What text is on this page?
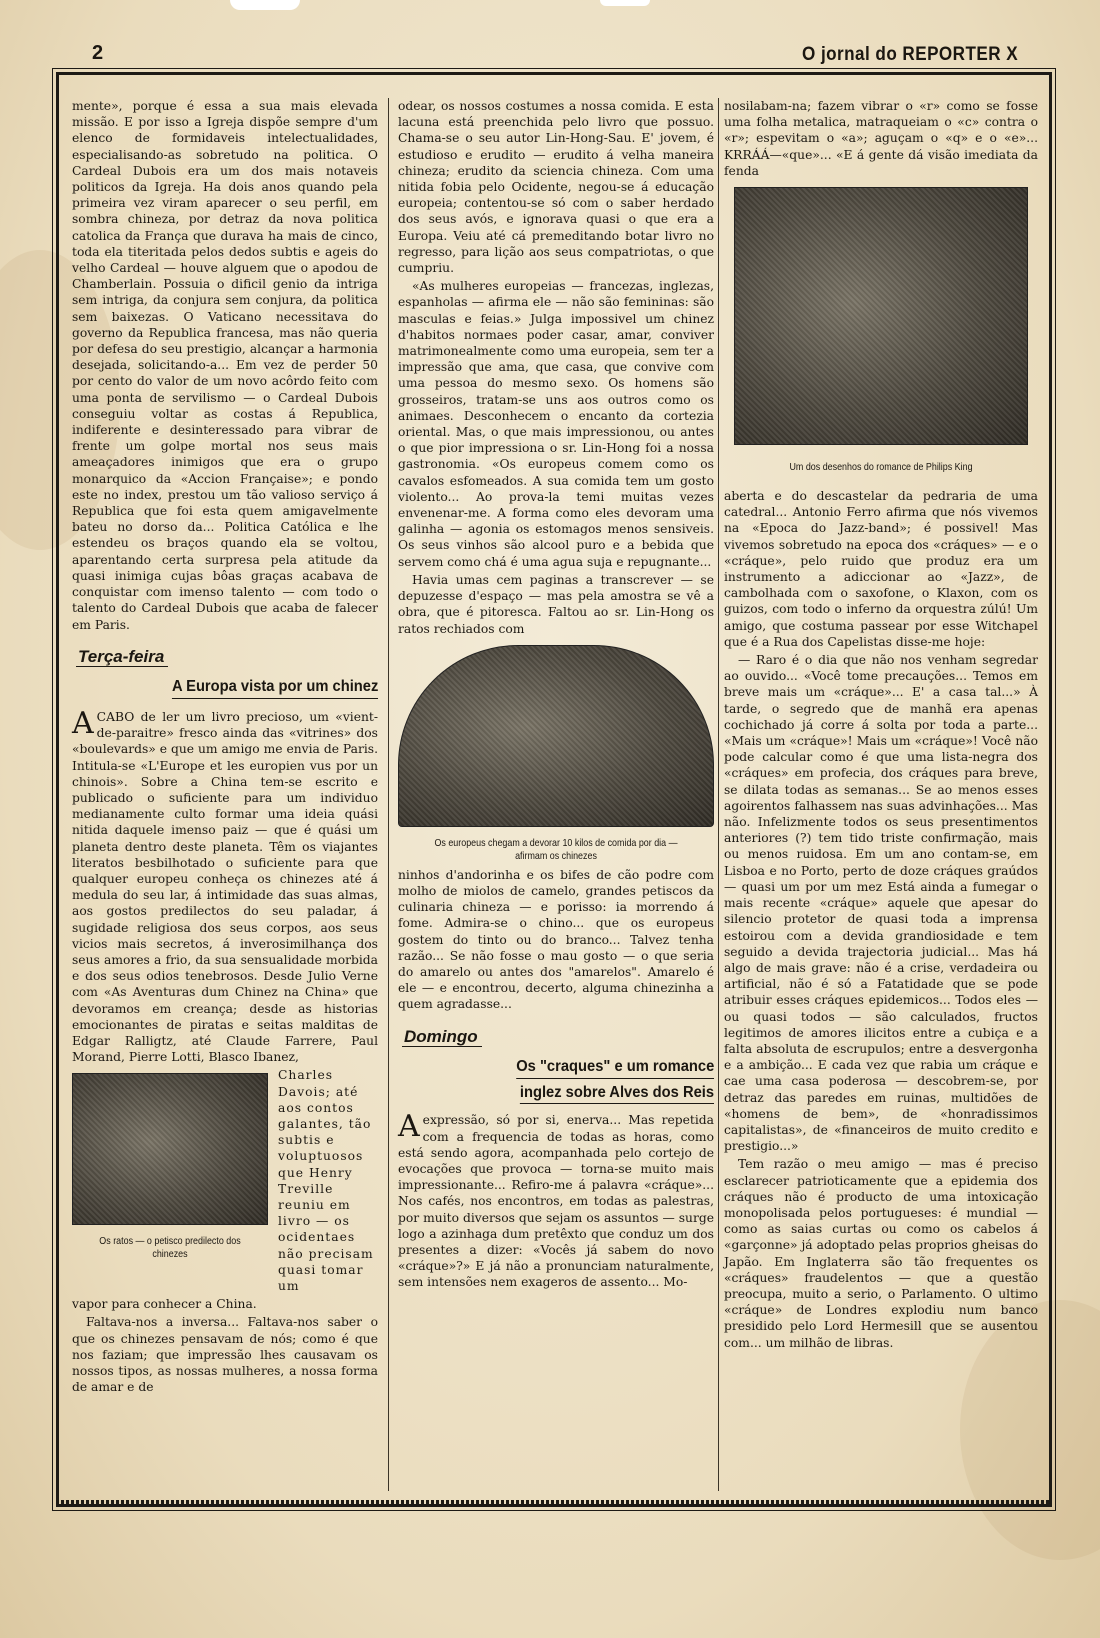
2	O jornal do REPORTER X

mente», porque é essa a sua mais elevada missão. E por isso a Igreja dispõe sempre d'um elenco de formidaveis intelectualidades, especialisando-as sobretudo na politica. O Cardeal Dubois era um dos mais notaveis politicos da Igreja. Ha dois anos quando pela primeira vez viram aparecer o seu perfil, em sombra chineza, por detraz da nova politica catolica da França que durava ha mais de cinco, toda ela titeritada pelos dedos subtis e ageis do velho Cardeal — houve alguem que o apodou de Chamberlain. Possuia o dificil genio da intriga sem intriga, da conjura sem conjura, da politica sem baixezas. O Vaticano necessitava do governo da Republica francesa, mas não queria por defesa do seu prestigio, alcançar a harmonia desejada, solicitando-a... Em vez de perder 50 por cento do valor de um novo acôrdo feito com uma ponta de servilismo — o Cardeal Dubois conseguiu voltar as costas á Republica, indiferente e desinteressado para vibrar de frente um golpe mortal nos seus mais ameaçadores inimigos que era o grupo monarquico da «Accion Française»; e pondo este no index, prestou um tão valioso serviço á Republica que foi esta quem amigavelmente bateu no dorso da... Politica Católica e lhe estendeu os braços quando ela se voltou, aparentando certa surpresa pela atitude da quasi inimiga cujas bôas graças acabava de conquistar com imenso talento — com todo o talento do Cardeal Dubois que acaba de falecer em Paris.

Terça-feira
A Europa vista por um chinez

ACABO de ler um livro precioso, um «vient-de-paraitre» fresco ainda das «vitrines» dos «boulevards» e que um amigo me envia de Paris. Intitula-se «L'Europe et les europien vus por un chinois». Sobre a China tem-se escrito e publicado o suficiente para um individuo medianamente culto formar uma ideia quási nitida daquele imenso paiz — que é quási um planeta dentro deste planeta. Têm os viajantes literatos besbilhotado o suficiente para que qualquer europeu conheça os chinezes até á medula do seu lar, á intimidade das suas almas, aos gostos predilectos do seu paladar, á sugidade religiosa dos seus corpos, aos seus vicios mais secretos, á inverosimilhança dos seus amores a frio, da sua sensualidade morbida e dos seus odios tenebrosos. Desde Julio Verne com «As Aventuras dum Chinez na China» que devoramos em creança; desde as historias emocionantes de piratas e seitas malditas de Edgar Ralligtz, até Claude Farrere, Paul Morand, Pierre Lotti, Blasco Ibanez,

Os ratos — o petisco predilecto dos chinezes

Charles Davois; até aos contos galantes, tão subtis e voluptuosos que Henry Treville reuniu em livro — os ocidentaes não precisam quasi tomar um

vapor para conhecer a China.

Faltava-nos a inversa... Faltava-nos saber o que os chinezes pensavam de nós; como é que nos faziam; que impressão lhes causavam os nossos tipos, as nossas mulheres, a nossa forma de amar e de

odear, os nossos costumes a nossa comida. E esta lacuna está preenchida pelo livro que possuo. Chama-se o seu autor Lin-Hong-Sau. E' jovem, é estudioso e erudito — erudito á velha maneira chineza; erudito da sciencia chineza. Com uma nitida fobia pelo Ocidente, negou-se á educação europeia; contentou-se só com o saber herdado dos seus avós, e ignorava quasi o que era a Europa. Veiu até cá premeditando botar livro no regresso, para lição aos seus compatriotas, o que cumpriu.

«As mulheres europeias — francezas, inglezas, espanholas — afirma ele — não são femininas: são masculas e feias.» Julga impossivel um chinez d'habitos normaes poder casar, amar, conviver matrimonealmente como uma europeia, sem ter a impressão que ama, que casa, que convive com uma pessoa do mesmo sexo. Os homens são grosseiros, tratam-se uns aos outros como os animaes. Desconhecem o encanto da cortezia oriental. Mas, o que mais impressionou, ou antes o que pior impressiona o sr. Lin-Hong foi a nossa gastronomia. «Os europeus comem como os cavalos esfomeados. A sua comida tem um gosto violento... Ao prova-la temi muitas vezes envenenar-me. A forma como eles devoram uma galinha — agonia os estomagos menos sensiveis. Os seus vinhos são alcool puro e a bebida que servem como chá é uma agua suja e repugnante...

Havia umas cem paginas a transcrever — se depuzesse d'espaço — mas pela amostra se vê a obra, que é pitoresca. Faltou ao sr. Lin-Hong os ratos rechiados com

Os europeus chegam a devorar 10 kilos de comida por dia — afirmam os chinezes

ninhos d'andorinha e os bifes de cão podre com molho de miolos de camelo, grandes petiscos da culinaria chineza — e porisso: ia morrendo á fome. Admira-se o chino... que os europeus gostem do tinto ou do branco... Talvez tenha razão... Se não fosse o mau gosto — o que seria do amarelo ou antes dos "amarelos". Amarelo é ele — e encontrou, decerto, alguma chinezinha a quem agradasse...

Domingo
Os "craques" e um romance
inglez sobre Alves dos Reis

Aexpressão, só por si, enerva... Mas repetida com a frequencia de todas as horas, como está sendo agora, acompanhada pelo cortejo de evocações que provoca — torna-se muito mais impressionante... Refiro-me á palavra «cráque»... Nos cafés, nos encontros, em todas as palestras, por muito diversos que sejam os assuntos — surge logo a azinhaga dum pretêxto que conduz um dos presentes a dizer: «Vocês já sabem do novo «cráque»?» E já não a pronunciam naturalmente, sem intensões nem exageros de assento... Mo-

nosilabam-na; fazem vibrar o «r» como se fosse uma folha metalica, matraqueiam o «c» contra o «r»; espevitam o «a»; aguçam o «q» e o «e»... KRRÁÁ—«que»... «E á gente dá visão imediata da fenda

Um dos desenhos do romance de Philips King

aberta e do descastelar da pedraria de uma catedral... Antonio Ferro afirma que nós vivemos na «Epoca do Jazz-band»; é possivel! Mas vivemos sobretudo na epoca dos «cráques» — e o «cráque», pelo ruido que produz era um instrumento a adiccionar ao «Jazz», de cambolhada com o saxofone, o Klaxon, com os guizos, com todo o inferno da orquestra zúlú! Um amigo, que costuma passear por esse Witchapel que é a Rua dos Capelistas disse-me hoje:

— Raro é o dia que não nos venham segredar ao ouvido... «Você tome precauções... Temos em breve mais um «cráque»... E' a casa tal...» À tarde, o segredo que de manhã era apenas cochichado já corre á solta por toda a parte... «Mais um «cráque»! Mais um «cráque»! Você não pode calcular como é que uma lista-negra dos «cráques» em profecia, dos cráques para breve, se dilata todas as semanas... Se ao menos esses agoirentos falhassem nas suas advinhações... Mas não. Infelizmente todos os seus presentimentos anteriores (?) tem tido triste confirmação, mais ou menos ruidosa. Em um ano contam-se, em Lisboa e no Porto, perto de doze cráques graúdos — quasi um por um mez Está ainda a fumegar o mais recente «cráque» aquele que apesar do silencio protetor de quasi toda a imprensa estoirou com a devida grandiosidade e tem seguido a devida trajectoria judicial... Mas há algo de mais grave: não é a crise, verdadeira ou artificial, não é só a Fatatidade que se pode atribuir esses cráques epidemicos... Todos eles — ou quasi todos — são calculados, fructos legitimos de amores ilicitos entre a cubiça e a falta absoluta de escrupulos; entre a desvergonha e a ambição... E cada vez que rabia um cráque e cae uma casa poderosa — descobrem-se, por detraz das paredes em ruinas, multidões de «homens de bem», de «honradissimos capitalistas», de «financeiros de muito credito e prestigio...»

Tem razão o meu amigo — mas é preciso esclarecer patrioticamente que a epidemia dos cráques não é producto de uma intoxicação monopolisada pelos portugueses: é mundial — como as saias curtas ou como os cabelos á «garçonne» já adoptado pelas proprios gheisas do Japão. Em Inglaterra são tão frequentes os «cráques» fraudelentos — que a questão preocupa, muito a serio, o Parlamento. O ultimo «cráque» de Londres explodiu num banco presidido pelo Lord Hermesill que se ausentou com... um milhão de libras.
